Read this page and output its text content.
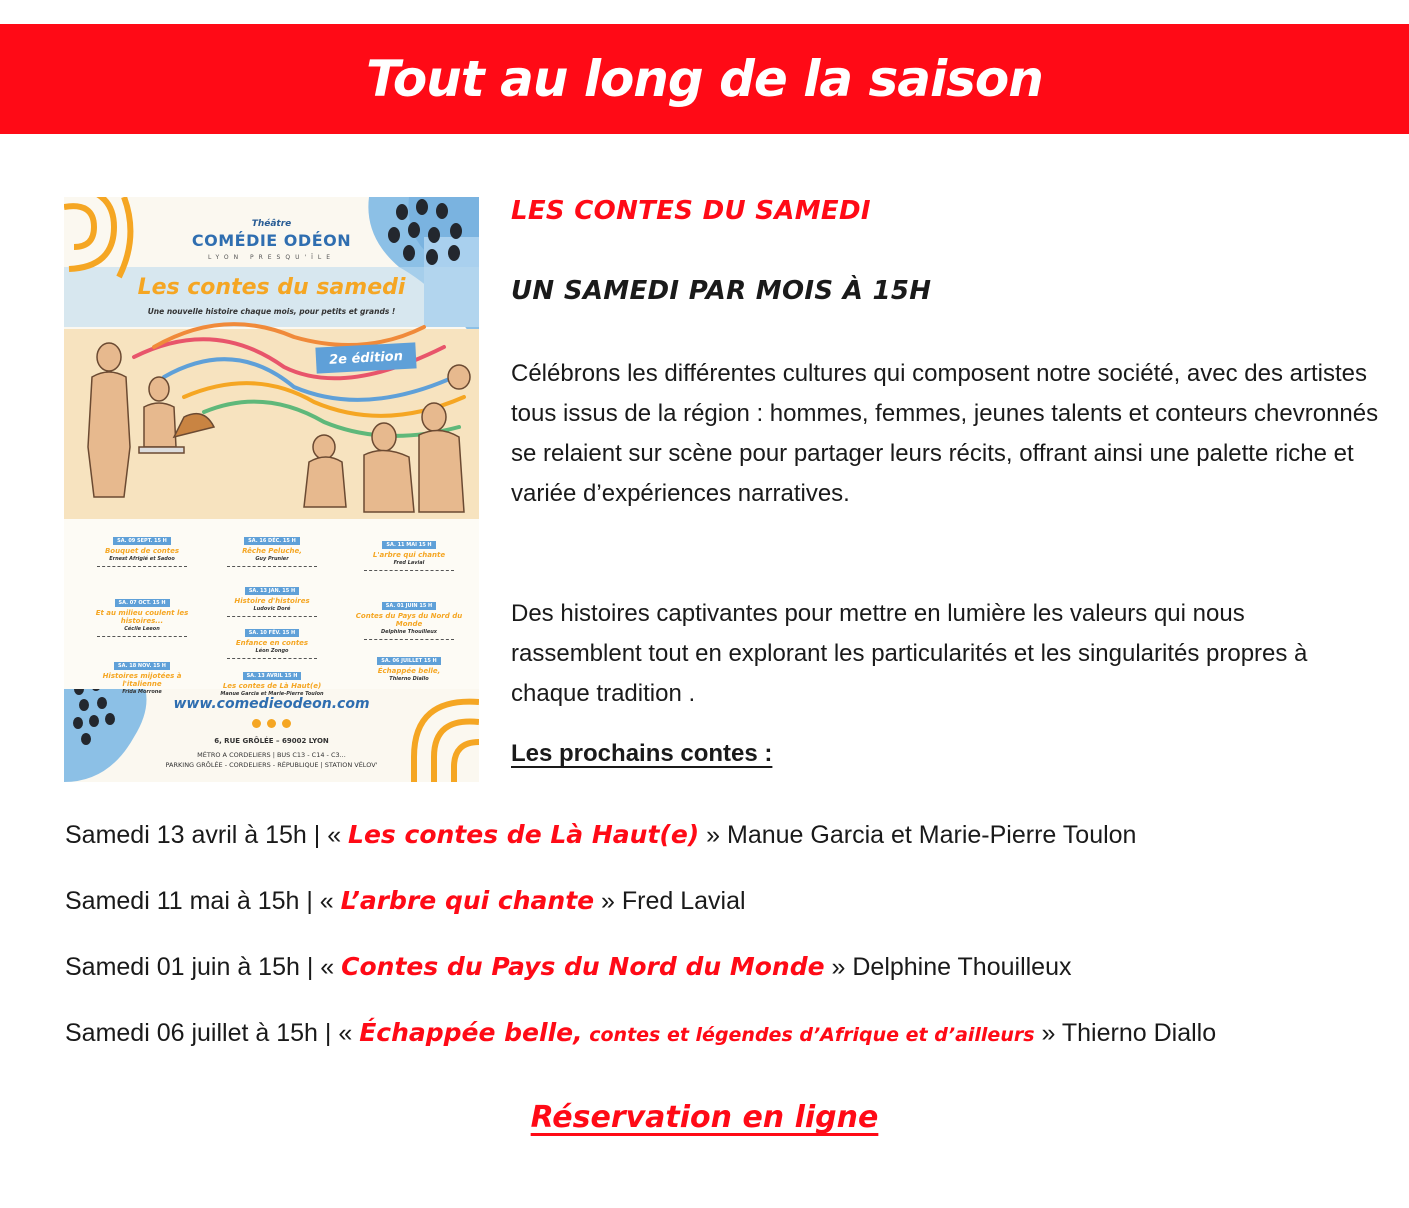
Tout au long de la saison
Théâtre
COMÉDIE ODÉON
LYON PRESQU'ÎLE
Les contes du samedi
Une nouvelle histoire chaque mois, pour petits et grands !
2e édition
SA. 09 SEPT. 15 H
Bouquet de contes
Ernest Afrigié et Sadoo
SA. 07 OCT. 15 H
Et au milieu coulent les histoires...
Cécile Leeon
SA. 18 NOV. 15 H
Histoires mijotées à l'italienne
Frida Morrone
SA. 16 DÉC. 15 H
Rêche Peluche,
Guy Prunier
SA. 13 JAN. 15 H
Histoire d'histoires
Ludovic Doré
SA. 10 FÉV. 15 H
Enfance en contes
Léon Zongo
SA. 13 AVRIL 15 H
Les contes de Là Haut(e)
Manue Garcia et Marie-Pierre Toulon
SA. 11 MAI 15 H
L'arbre qui chante
Fred Lavial
SA. 01 JUIN 15 H
Contes du Pays du Nord du Monde
Delphine Thouilleux
SA. 06 JUILLET 15 H
Échappée belle,
Thierno Diallo
www.comedieodeon.com
6, RUE GRÔLÉE – 69002 LYON
MÉTRO A CORDELIERS | BUS C13 - C14 - C3...
PARKING GRÔLÉE - CORDELIERS - RÉPUBLIQUE | STATION VÉLOV'
LES CONTES DU SAMEDI
UN SAMEDI PAR MOIS À 15H

Célébrons les différentes cultures qui composent notre société, avec des artistes tous issus de la région : hommes, femmes, jeunes talents et conteurs chevronnés se relaient sur scène pour partager leurs récits, offrant ainsi une palette riche et variée d’expériences narratives.

Des histoires captivantes pour mettre en lumière les valeurs qui nous rassemblent tout en explorant les particularités et les singularités propres à chaque tradition .

Les prochains contes :
Samedi 13 avril à 15h | « Les contes de Là Haut(e) » Manue Garcia et Marie-Pierre Toulon
Samedi 11 mai à 15h | « L’arbre qui chante » Fred Lavial
Samedi 01 juin à 15h | « Contes du Pays du Nord du Monde » Delphine Thouilleux
Samedi 06 juillet à 15h | « Échappée belle, contes et légendes d’Afrique et d’ailleurs » Thierno Diallo
Réservation en ligne
